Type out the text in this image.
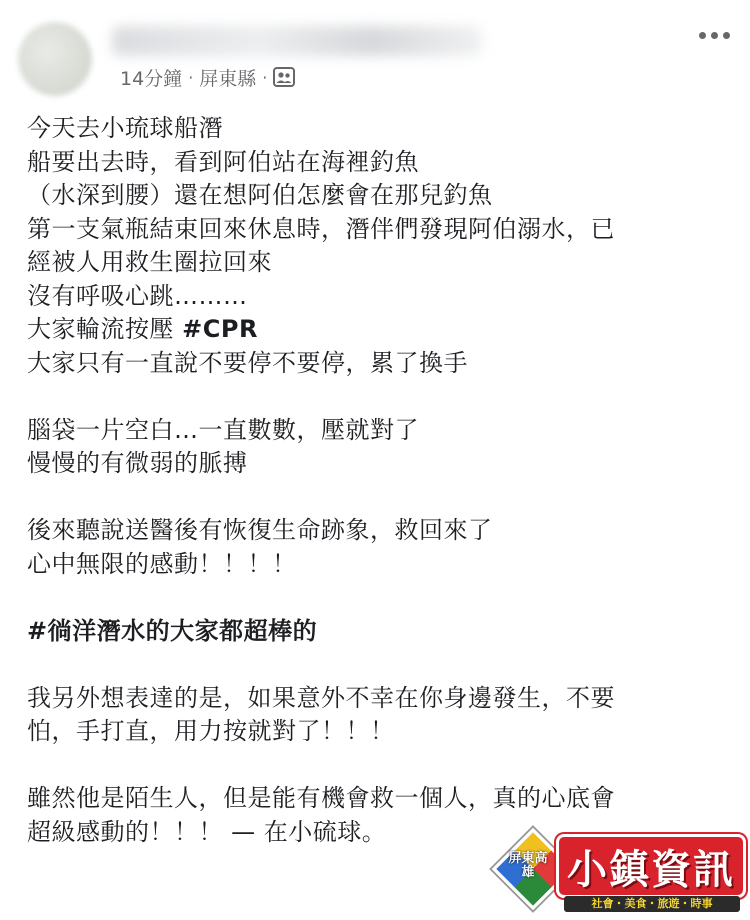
14分鐘 · 屏東縣 ·
今天去小琉球船潛
船要出去時，看到阿伯站在海裡釣魚
（水深到腰）還在想阿伯怎麼會在那兒釣魚
第一支氣瓶結束回來休息時，潛伴們發現阿伯溺水，已
經被人用救生圈拉回來
沒有呼吸心跳………
大家輪流按壓 #CPR
大家只有一直說不要停不要停，累了換手
腦袋一片空白…一直數數，壓就對了
慢慢的有微弱的脈搏
後來聽說送醫後有恢復生命跡象，救回來了
心中無限的感動！！！！
#徜洋潛水的大家都超棒的
我另外想表達的是，如果意外不幸在你身邊發生，不要
怕，手打直，用力按就對了！！！
雖然他是陌生人，但是能有機會救一個人，真的心底會
超級感動的！！！ — 在小硫球。
屏東高雄 小鎮資訊
社會・美食・旅遊・時事
